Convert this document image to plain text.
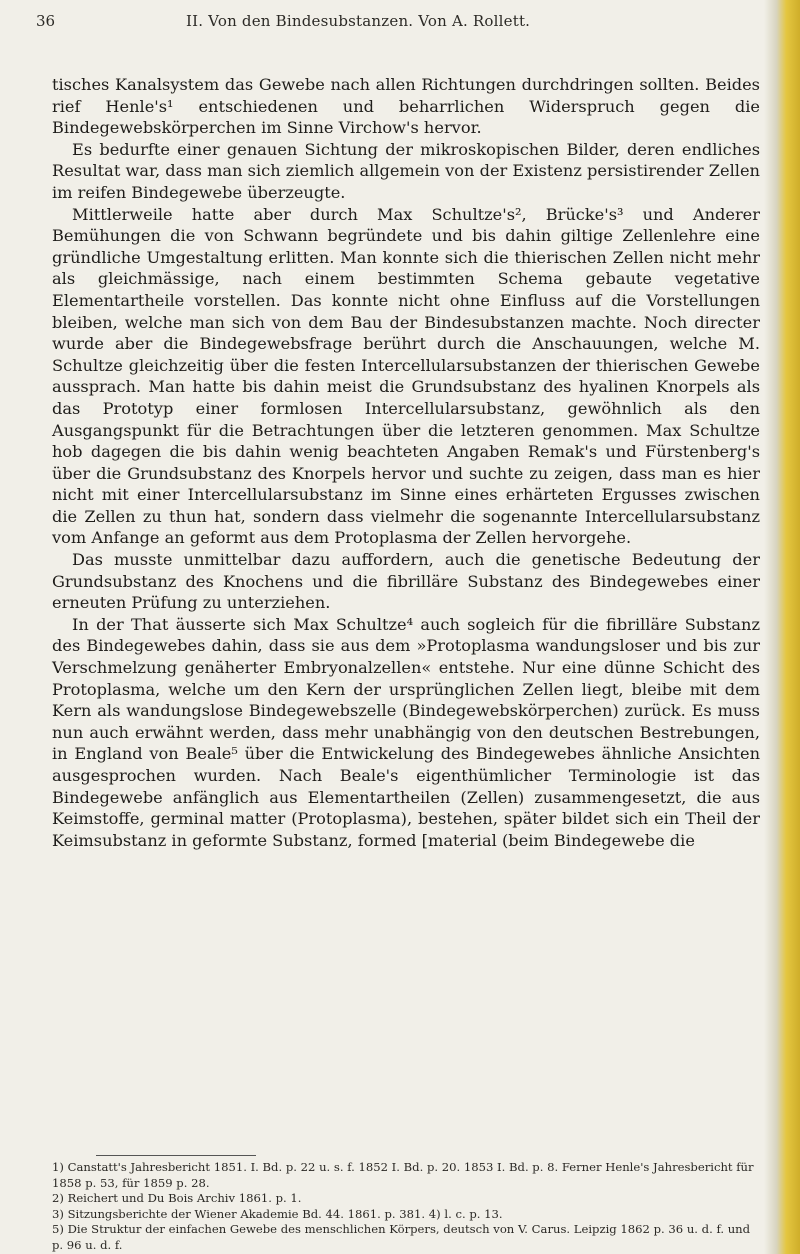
36	II. Von den Bindesubstanzen. Von A. Rollett.

tisches Kanalsystem das Gewebe nach allen Richtungen durchdringen sollten. Beides rief Henle's¹ entschiedenen und beharrlichen Widerspruch gegen die Bindegewebskörperchen im Sinne Virchow's hervor.

Es bedurfte einer genauen Sichtung der mikroskopischen Bilder, deren endliches Resultat war, dass man sich ziemlich allgemein von der Existenz persistirender Zellen im reifen Bindegewebe überzeugte.

Mittlerweile hatte aber durch Max Schultze's², Brücke's³ und Anderer Bemühungen die von Schwann begründete und bis dahin giltige Zellenlehre eine gründliche Umgestaltung erlitten. Man konnte sich die thierischen Zellen nicht mehr als gleichmässige, nach einem bestimmten Schema gebaute vegetative Elementartheile vorstellen. Das konnte nicht ohne Einfluss auf die Vorstellungen bleiben, welche man sich von dem Bau der Bindesubstanzen machte. Noch directer wurde aber die Bindegewebsfrage berührt durch die Anschauungen, welche M. Schultze gleichzeitig über die festen Intercellularsubstanzen der thierischen Gewebe aussprach. Man hatte bis dahin meist die Grundsubstanz des hyalinen Knorpels als das Prototyp einer formlosen Intercellularsubstanz, gewöhnlich als den Ausgangspunkt für die Betrachtungen über die letzteren genommen. Max Schultze hob dagegen die bis dahin wenig beachteten Angaben Remak's und Fürstenberg's über die Grundsubstanz des Knorpels hervor und suchte zu zeigen, dass man es hier nicht mit einer Intercellularsubstanz im Sinne eines erhärteten Ergusses zwischen die Zellen zu thun hat, sondern dass vielmehr die sogenannte Intercellularsubstanz vom Anfange an geformt aus dem Protoplasma der Zellen hervorgehe.

Das musste unmittelbar dazu auffordern, auch die genetische Bedeutung der Grundsubstanz des Knochens und die fibrilläre Substanz des Bindegewebes einer erneuten Prüfung zu unterziehen.

In der That äusserte sich Max Schultze⁴ auch sogleich für die fibrilläre Substanz des Bindegewebes dahin, dass sie aus dem »Protoplasma wandungsloser und bis zur Verschmelzung genäherter Embryonalzellen« entstehe. Nur eine dünne Schicht des Protoplasma, welche um den Kern der ursprünglichen Zellen liegt, bleibe mit dem Kern als wandungslose Bindegewebszelle (Bindegewebskörperchen) zurück. Es muss nun auch erwähnt werden, dass mehr unabhängig von den deutschen Bestrebungen, in England von Beale⁵ über die Entwickelung des Bindegewebes ähnliche Ansichten ausgesprochen wurden. Nach Beale's eigenthümlicher Terminologie ist das Bindegewebe anfänglich aus Elementartheilen (Zellen) zusammengesetzt, die aus Keimstoffe, germinal matter (Protoplasma), bestehen, später bildet sich ein Theil der Keimsubstanz in geformte Substanz, formed [material (beim Bindegewebe die

1) Canstatt's Jahresbericht 1851. I. Bd. p. 22 u. s. f. 1852 I. Bd. p. 20. 1853 I. Bd. p. 8. Ferner Henle's Jahresbericht für 1858 p. 53, für 1859 p. 28.
2) Reichert und Du Bois Archiv 1861. p. 1.
3) Sitzungsberichte der Wiener Akademie Bd. 44. 1861. p. 381. 4) l. c. p. 13.
5) Die Struktur der einfachen Gewebe des menschlichen Körpers, deutsch von V. Carus. Leipzig 1862 p. 36 u. d. f. und p. 96 u. d. f.
